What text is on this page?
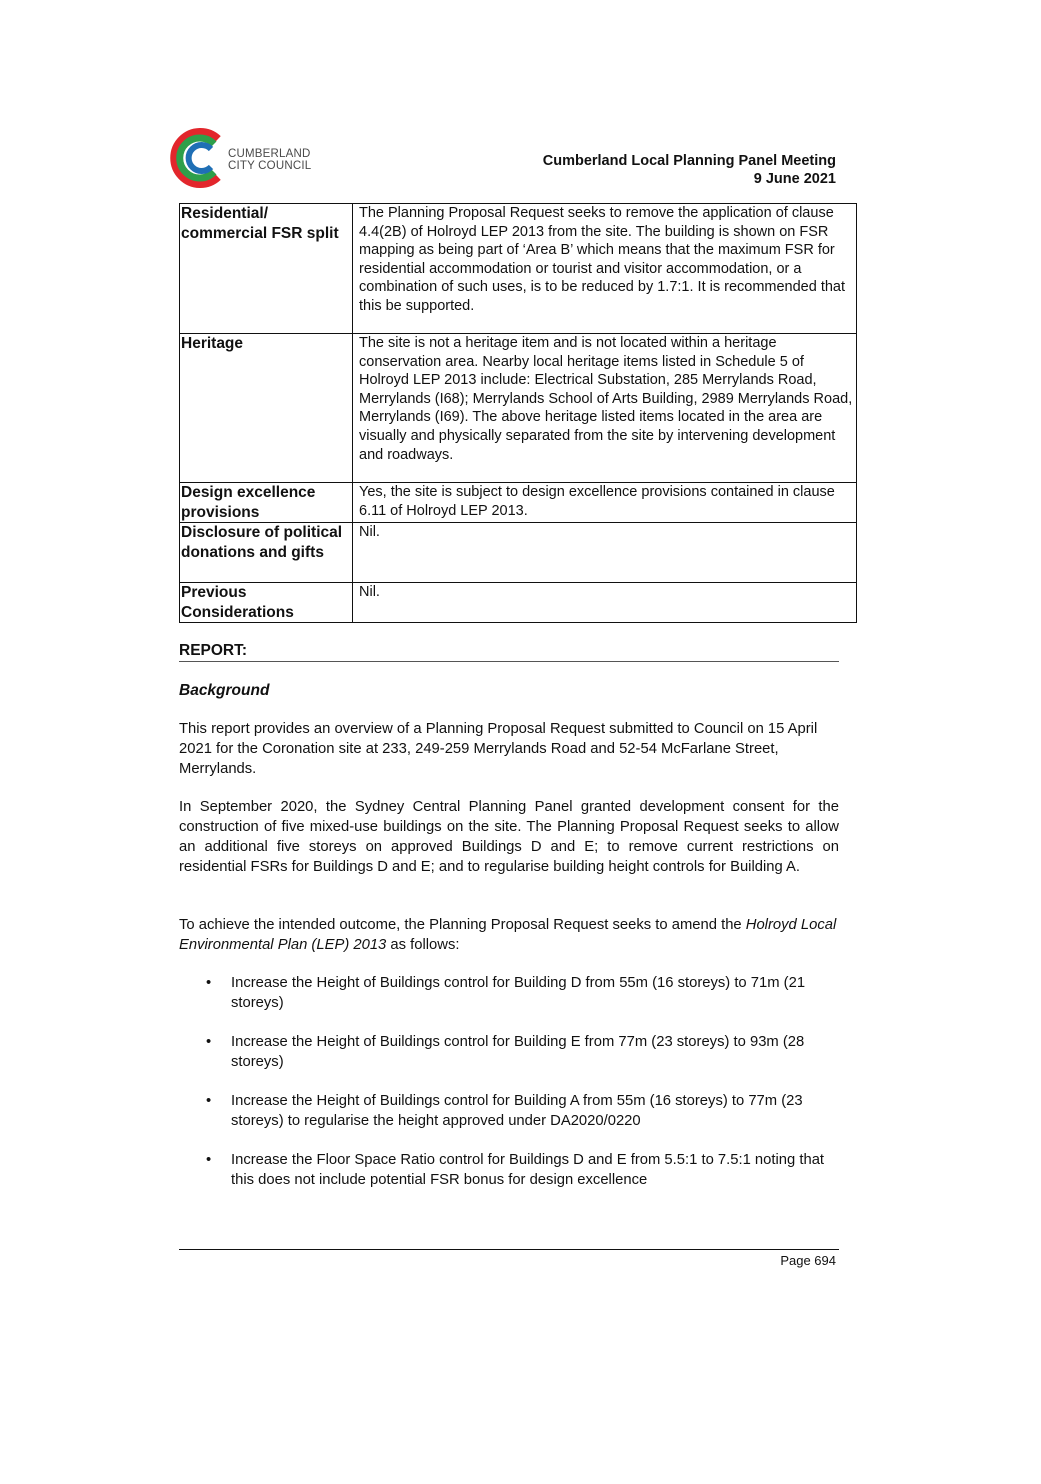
CUMBERLAND
CITY COUNCIL	Cumberland Local Planning Panel Meeting
9 June 2021
Residential/ commercial FSR split	The Planning Proposal Request seeks to remove the application of clause 4.4(2B) of Holroyd LEP 2013 from the site. The building is shown on FSR mapping as being part of ‘Area B’ which means that the maximum FSR for residential accommodation or tourist and visitor accommodation, or a combination of such uses, is to be reduced by 1.7:1. It is recommended that this be supported.
Heritage	The site is not a heritage item and is not located within a heritage conservation area. Nearby local heritage items listed in Schedule 5 of Holroyd LEP 2013 include: Electrical Substation, 285 Merrylands Road, Merrylands (I68); Merrylands School of Arts Building, 2989 Merrylands Road, Merrylands (I69). The above heritage listed items located in the area are visually and physically separated from the site by intervening development and roadways.
Design excellence provisions	Yes, the site is subject to design excellence provisions contained in clause 6.11 of Holroyd LEP 2013.
Disclosure of political donations and gifts	Nil.
Previous Considerations	Nil.
REPORT:
Background

This report provides an overview of a Planning Proposal Request submitted to Council on 15 April 2021 for the Coronation site at 233, 249-259 Merrylands Road and 52-54 McFarlane Street, Merrylands.

In September 2020, the Sydney Central Planning Panel granted development consent for the construction of five mixed-use buildings on the site. The Planning Proposal Request seeks to allow an additional five storeys on approved Buildings D and E; to remove current restrictions on residential FSRs for Buildings D and E; and to regularise building height controls for Building A.

To achieve the intended outcome, the Planning Proposal Request seeks to amend the Holroyd Local Environmental Plan (LEP) 2013 as follows:

• Increase the Height of Buildings control for Building D from 55m (16 storeys) to 71m (21 storeys)
• Increase the Height of Buildings control for Building E from 77m (23 storeys) to 93m (28 storeys)
• Increase the Height of Buildings control for Building A from 55m (16 storeys) to 77m (23 storeys) to regularise the height approved under DA2020/0220
• Increase the Floor Space Ratio control for Buildings D and E from 5.5:1 to 7.5:1 noting that this does not include potential FSR bonus for design excellence
Page 694
